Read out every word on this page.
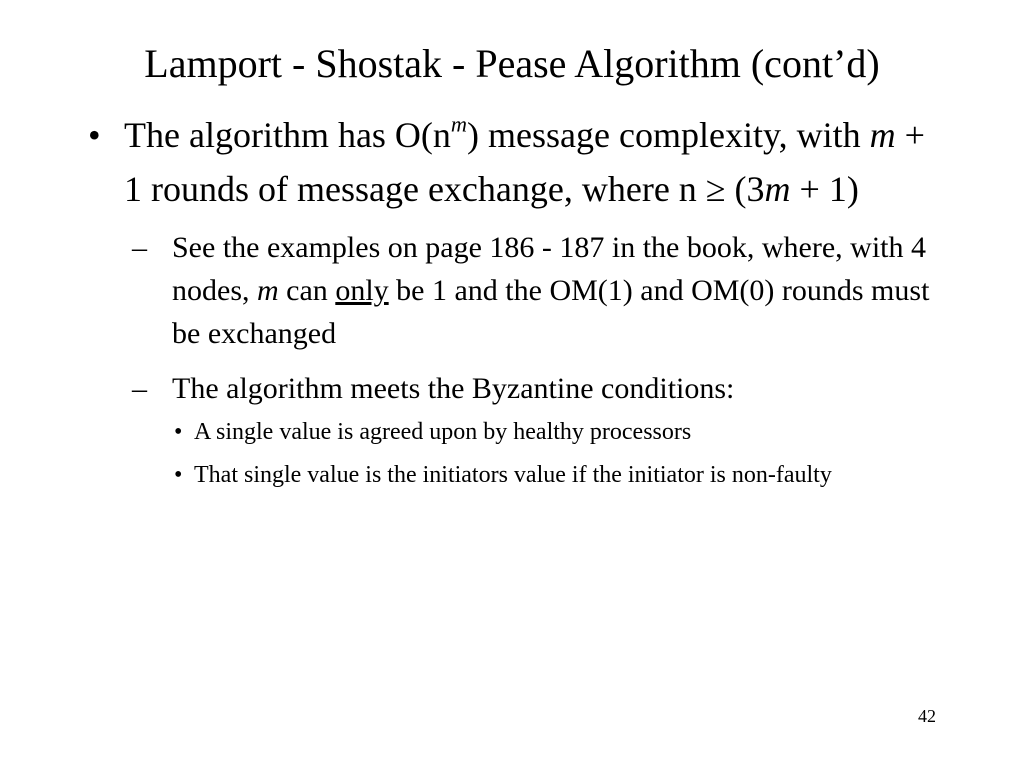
Lamport - Shostak - Pease Algorithm (cont’d)
• The algorithm has $O(n^m)$ message complexity, with m + 1 rounds of message exchange, where n ≥ (3m + 1)
– See the examples on page 186 - 187 in the book, where, with 4 nodes, m can only be 1 and the OM(1) and OM(0) rounds must be exchanged
– The algorithm meets the Byzantine conditions:
• A single value is agreed upon by healthy processors
• That single value is the initiators value if the initiator is non-faulty
42
